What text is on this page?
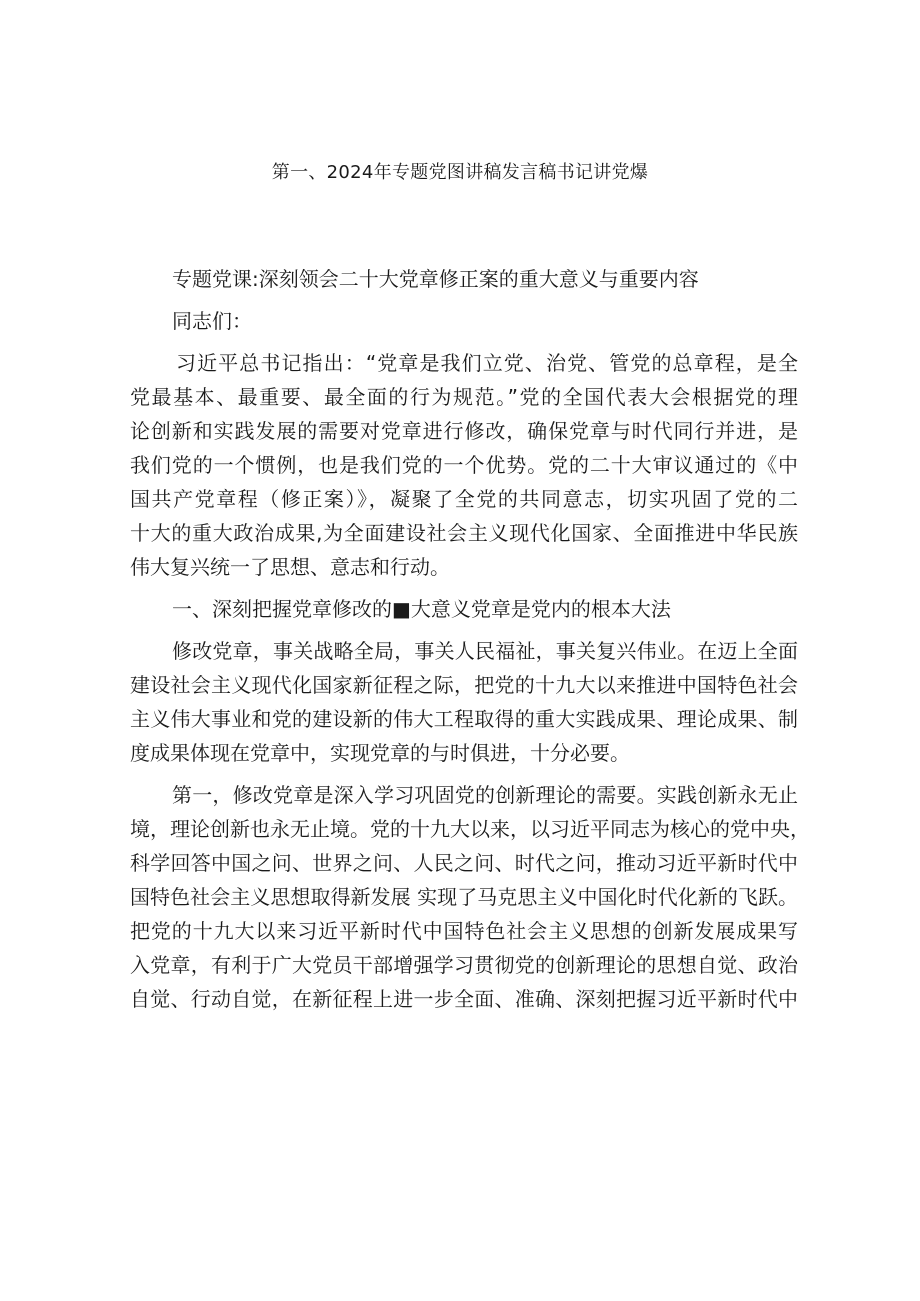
第一、2024年专题党图讲稿发言稿书记讲党爆
专题党课:深刻领会二十大党章修正案的重大意义与重要内容
同志们：
习近平总书记指出：“党章是我们立党、治党、管党的总章程，是全
党最基本、最重要、最全面的行为规范。”党的全国代表大会根据党的理
论创新和实践发展的需要对党章进行修改，确保党章与时代同行并进，是
我们党的一个惯例，也是我们党的一个优势。党的二十大审议通过的《中
国共产党章程（修正案）》，凝聚了全党的共同意志，切实巩固了党的二
十大的重大政治成果,为全面建设社会主义现代化国家、全面推进中华民族
伟大复兴统一了思想、意志和行动。
一、深刻把握党章修改的■大意义党章是党内的根本大法
修改党章，事关战略全局，事关人民福祉，事关复兴伟业。在迈上全面
建设社会主义现代化国家新征程之际，把党的十九大以来推进中国特色社会
主义伟大事业和党的建设新的伟大工程取得的重大实践成果、理论成果、制
度成果体现在党章中，实现党章的与时俱进，十分必要。
第一，修改党章是深入学习巩固党的创新理论的需要。实践创新永无止
境，理论创新也永无止境。党的十九大以来，以习近平同志为核心的党中央，
科学回答中国之问、世界之问、人民之问、时代之问，推动习近平新时代中
国特色社会主义思想取得新发展 实现了马克思主义中国化时代化新的飞跃。
把党的十九大以来习近平新时代中国特色社会主义思想的创新发展成果写
入党章，有利于广大党员干部增强学习贯彻党的创新理论的思想自觉、政治
自觉、行动自觉，在新征程上进一步全面、准确、深刻把握习近平新时代中
